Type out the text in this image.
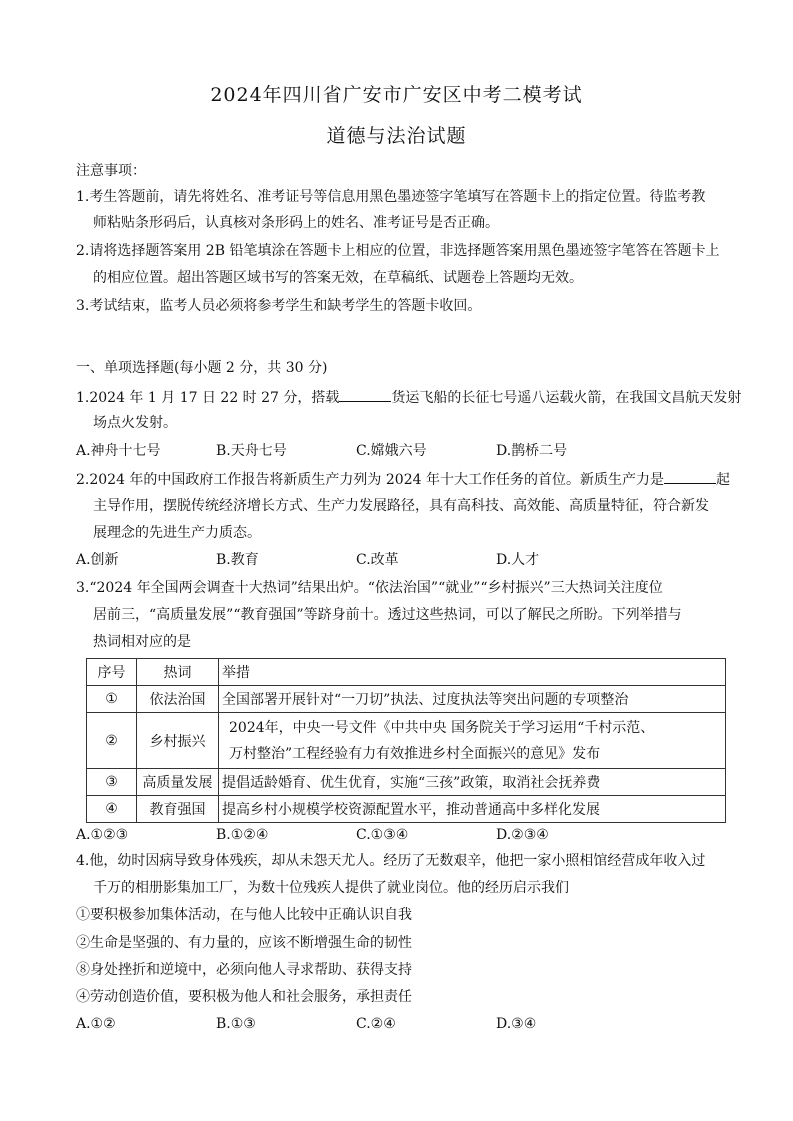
2024年四川省广安市广安区中考二模考试
道德与法治试题
注意事项：
1.考生答题前，请先将姓名、准考证号等信息用黑色墨迹签字笔填写在答题卡上的指定位置。待监考教
师粘贴条形码后，认真核对条形码上的姓名、准考证号是否正确。
2.请将选择题答案用 2B 铅笔填涂在答题卡上相应的位置，非选择题答案用黑色墨迹签字笔答在答题卡上
的相应位置。超出答题区域书写的答案无效，在草稿纸、试题卷上答题均无效。
3.考试结束，监考人员必须将参考学生和缺考学生的答题卡收回。
一、单项选择题(每小题 2 分，共 30 分)
1.2024 年 1 月 17 日 22 时 27 分，搭载	货运飞船的长征七号遥八运载火箭，在我国文昌航天发射
场点火发射。
A.神舟十七号	B.天舟七号	C.嫦娥六号	D.鹊桥二号
2.2024 年的中国政府工作报告将新质生产力列为 2024 年十大工作任务的首位。新质生产力是	起
主导作用，摆脱传统经济增长方式、生产力发展路径，具有高科技、高效能、高质量特征，符合新发
展理念的先进生产力质态。
A.创新	B.教育	C.改革	D.人才
3.“2024 年全国两会调查十大热词”结果出炉。“依法治国”“就业”“乡村振兴”三大热词关注度位
居前三，“高质量发展”“教育强国”等跻身前十。透过这些热词，可以了解民之所盼。下列举措与
热词相对应的是
序号	热词	举措
①	依法治国	全国部署开展针对“一刀切”执法、过度执法等突出问题的专项整治
②	乡村振兴	2024年，中央一号文件《中共中央 国务院关于学习运用“千村示范、
万村整治”工程经验有力有效推进乡村全面振兴的意见》发布

③	高质量发展	提倡适龄婚育、优生优育，实施“三孩”政策，取消社会抚养费
④	教育强国	提高乡村小规模学校资源配置水平，推动普通高中多样化发展
A.①②③	B.①②④	C.①③④	D.②③④
4.他，幼时因病导致身体残疾，却从未怨天尤人。经历了无数艰辛，他把一家小照相馆经营成年收入过
千万的相册影集加工厂，为数十位残疾人提供了就业岗位。他的经历启示我们
①要积极参加集体活动，在与他人比较中正确认识自我
②生命是坚强的、有力量的，应该不断增强生命的韧性
⑧身处挫折和逆境中，必须向他人寻求帮助、获得支持
④劳动创造价值，要积极为他人和社会服务，承担责任
A.①②	B.①③	C.②④	D.③④
